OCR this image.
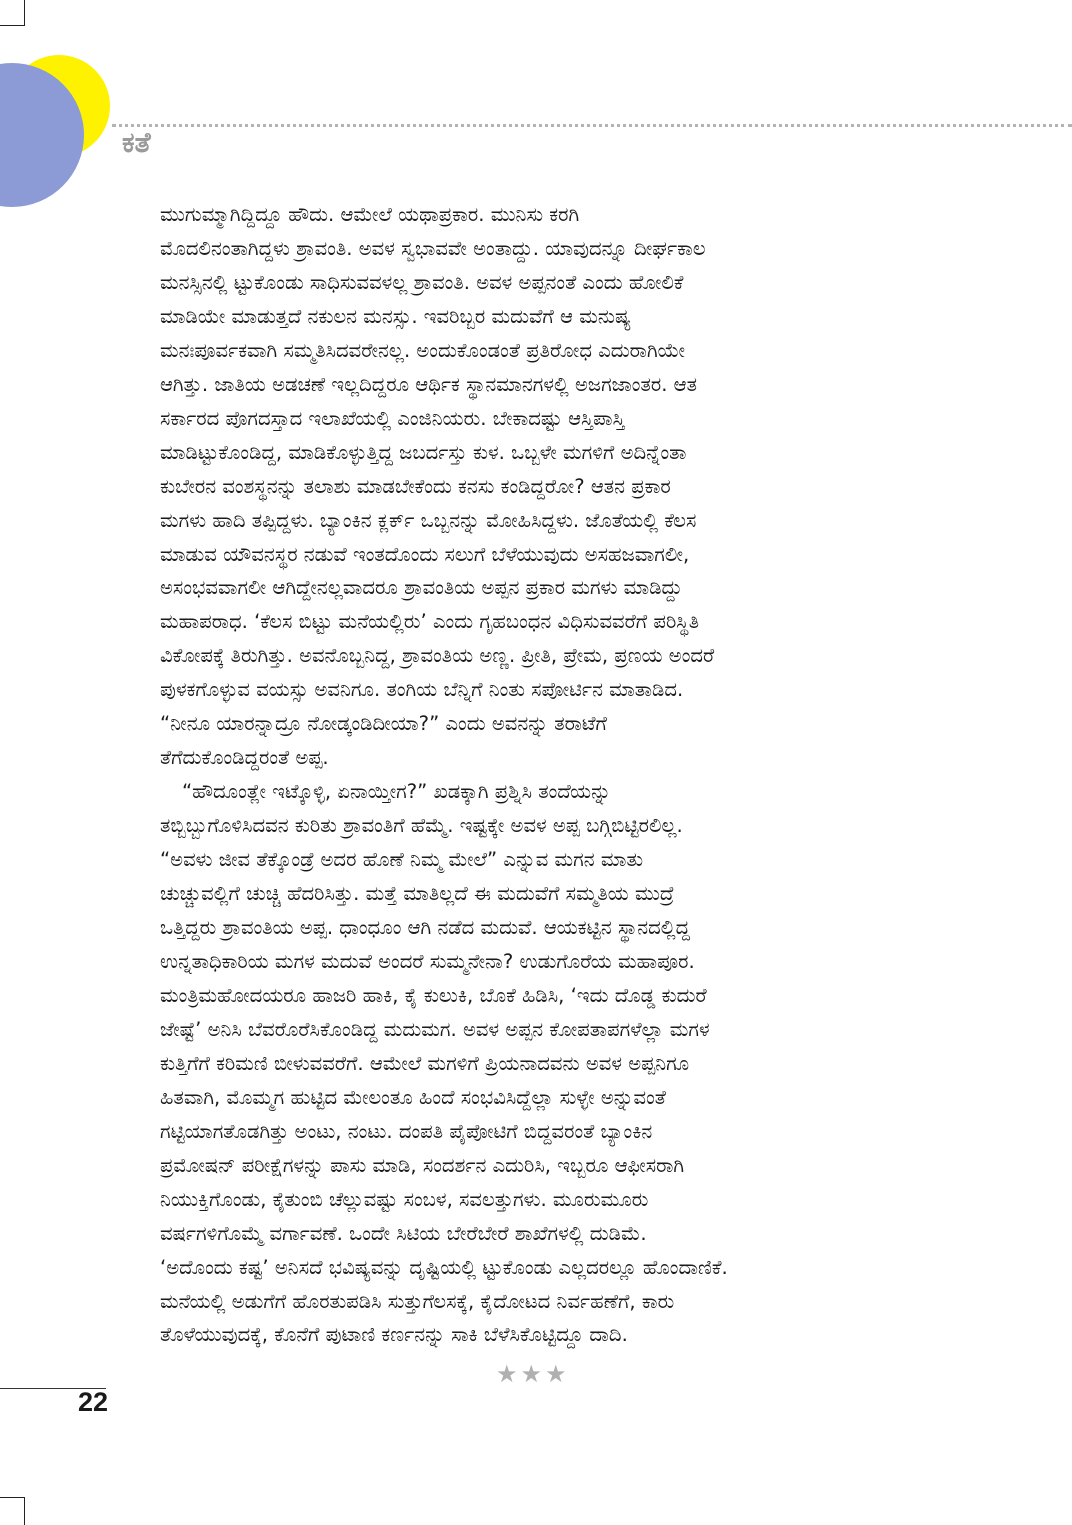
ಕತೆ

ಮುಗುಮ್ಮಾಗಿದ್ದಿದ್ದೂ ಹೌದು. ಆಮೇಲೆ ಯಥಾಪ್ರಕಾರ. ಮುನಿಸು ಕರಗಿ
ಮೊದಲಿನಂತಾಗಿದ್ದಳು ಶ್ರಾವಂತಿ. ಅವಳ ಸ್ವಭಾವವೇ ಅಂತಾದ್ದು. ಯಾವುದನ್ನೂ ದೀರ್ಘಕಾಲ
ಮನಸ್ಸಿನಲ್ಲಿ ಟ್ಟುಕೊಂಡು ಸಾಧಿಸುವವಳಲ್ಲ ಶ್ರಾವಂತಿ. ಅವಳ ಅಪ್ಪನಂತೆ ಎಂದು ಹೋಲಿಕೆ
ಮಾಡಿಯೇ ಮಾಡುತ್ತದೆ ನಕುಲನ ಮನಸ್ಸು. ಇವರಿಬ್ಬರ ಮದುವೆಗೆ ಆ ಮನುಷ್ಯ
ಮನಃಪೂರ್ವಕವಾಗಿ ಸಮ್ಮತಿಸಿದವರೇನಲ್ಲ. ಅಂದುಕೊಂಡಂತೆ ಪ್ರತಿರೋಧ ಎದುರಾಗಿಯೇ
ಆಗಿತ್ತು. ಜಾತಿಯ ಅಡಚಣೆ ಇಲ್ಲದಿದ್ದರೂ ಆರ್ಥಿಕ ಸ್ಥಾನಮಾನಗಳಲ್ಲಿ ಅಜಗಜಾಂತರ. ಆತ
ಸರ್ಕಾರದ ಪೊಗದಸ್ತಾದ ಇಲಾಖೆಯಲ್ಲಿ ಎಂಜಿನಿಯರು. ಬೇಕಾದಷ್ಟು ಆಸ್ತಿಪಾಸ್ತಿ
ಮಾಡಿಟ್ಟುಕೊಂಡಿದ್ದ, ಮಾಡಿಕೊಳ್ಳುತ್ತಿದ್ದ ಜಬರ್ದಸ್ತು ಕುಳ. ಒಬ್ಬಳೇ ಮಗಳಿಗೆ ಅದಿನ್ನೆಂತಾ
ಕುಬೇರನ ವಂಶಸ್ಥನನ್ನು ತಲಾಶು ಮಾಡಬೇಕೆಂದು ಕನಸು ಕಂಡಿದ್ದರೋ? ಆತನ ಪ್ರಕಾರ
ಮಗಳು ಹಾದಿ ತಪ್ಪಿದ್ದಳು. ಬ್ಯಾಂಕಿನ ಕ್ಲರ್ಕ್ ಒಬ್ಬನನ್ನು ಮೋಹಿಸಿದ್ದಳು. ಜೊತೆಯಲ್ಲಿ ಕೆಲಸ
ಮಾಡುವ ಯೌವನಸ್ಥರ ನಡುವೆ ಇಂತದೊಂದು ಸಲುಗೆ ಬೆಳೆಯುವುದು ಅಸಹಜವಾಗಲೀ,
ಅಸಂಭವವಾಗಲೀ ಆಗಿದ್ದೇನಲ್ಲವಾದರೂ ಶ್ರಾವಂತಿಯ ಅಪ್ಪನ ಪ್ರಕಾರ ಮಗಳು ಮಾಡಿದ್ದು
ಮಹಾಪರಾಧ. ‘ಕೆಲಸ ಬಿಟ್ಟು ಮನೆಯಲ್ಲಿರು’ ಎಂದು ಗೃಹಬಂಧನ ವಿಧಿಸುವವರೆಗೆ ಪರಿಸ್ಥಿತಿ
ವಿಕೋಪಕ್ಕೆ ತಿರುಗಿತ್ತು. ಅವನೊಬ್ಬನಿದ್ದ, ಶ್ರಾವಂತಿಯ ಅಣ್ಣ. ಪ್ರೀತಿ, ಪ್ರೇಮ, ಪ್ರಣಯ ಅಂದರೆ
ಪುಳಕಗೊಳ್ಳುವ ವಯಸ್ಸು ಅವನಿಗೂ. ತಂಗಿಯ ಬೆನ್ನಿಗೆ ನಿಂತು ಸಪೋರ್ಟಿನ ಮಾತಾಡಿದ.
“ನೀನೂ ಯಾರನ್ನಾದ್ರೂ ನೋಡ್ಕಂಡಿದೀಯಾ?” ಎಂದು ಅವನನ್ನು ತರಾಟೆಗೆ
ತೆಗೆದುಕೊಂಡಿದ್ದರಂತೆ ಅಪ್ಪ.

“ಹೌದೂಂತ್ಲೇ ಇಟ್ಕೊಳ್ಳಿ, ಏನಾಯ್ತೀಗ?” ಖಡಕ್ಕಾಗಿ ಪ್ರಶ್ನಿಸಿ ತಂದೆಯನ್ನು
ತಬ್ಬಿಬ್ಬುಗೊಳಿಸಿದವನ ಕುರಿತು ಶ್ರಾವಂತಿಗೆ ಹೆಮ್ಮೆ. ಇಷ್ಟಕ್ಕೇ ಅವಳ ಅಪ್ಪ ಬಗ್ಗಿಬಿಟ್ಟಿರಲಿಲ್ಲ.
“ಅವಳು ಜೀವ ತೆಕ್ಕೊಂಡ್ರೆ ಅದರ ಹೊಣೆ ನಿಮ್ಮ ಮೇಲೆ” ಎನ್ನುವ ಮಗನ ಮಾತು
ಚುಚ್ಚುವಲ್ಲಿಗೆ ಚುಚ್ಚಿ ಹೆದರಿಸಿತ್ತು. ಮತ್ತೆ ಮಾತಿಲ್ಲದೆ ಈ ಮದುವೆಗೆ ಸಮ್ಮತಿಯ ಮುದ್ರೆ
ಒತ್ತಿದ್ದರು ಶ್ರಾವಂತಿಯ ಅಪ್ಪ. ಧಾಂಧೂಂ ಆಗಿ ನಡೆದ ಮದುವೆ. ಆಯಕಟ್ಟಿನ ಸ್ಥಾನದಲ್ಲಿದ್ದ
ಉನ್ನತಾಧಿಕಾರಿಯ ಮಗಳ ಮದುವೆ ಅಂದರೆ ಸುಮ್ಮನೇನಾ? ಉಡುಗೊರೆಯ ಮಹಾಪೂರ.
ಮಂತ್ರಿಮಹೋದಯರೂ ಹಾಜರಿ ಹಾಕಿ, ಕೈ ಕುಲುಕಿ, ಬೊಕೆ ಹಿಡಿಸಿ, ‘ಇದು ದೊಡ್ಡ ಕುದುರೆ
ಜೇಷ್ಟೆ’ ಅನಿಸಿ ಬೆವರೊರೆಸಿಕೊಂಡಿದ್ದ ಮದುಮಗ. ಅವಳ ಅಪ್ಪನ ಕೋಪತಾಪಗಳೆಲ್ಲಾ ಮಗಳ
ಕುತ್ತಿಗೆಗೆ ಕರಿಮಣಿ ಬೀಳುವವರೆಗೆ. ಆಮೇಲೆ ಮಗಳಿಗೆ ಪ್ರಿಯನಾದವನು ಅವಳ ಅಪ್ಪನಿಗೂ
ಹಿತವಾಗಿ, ಮೊಮ್ಮಗ ಹುಟ್ಟಿದ ಮೇಲಂತೂ ಹಿಂದೆ ಸಂಭವಿಸಿದ್ದೆಲ್ಲಾ ಸುಳ್ಳೇ ಅನ್ನುವಂತೆ
ಗಟ್ಟಿಯಾಗತೊಡಗಿತ್ತು ಅಂಟು, ನಂಟು. ದಂಪತಿ ಪೈಪೋಟಿಗೆ ಬಿದ್ದವರಂತೆ ಬ್ಯಾಂಕಿನ
ಪ್ರಮೋಷನ್ ಪರೀಕ್ಷೆಗಳನ್ನು ಪಾಸು ಮಾಡಿ, ಸಂದರ್ಶನ ಎದುರಿಸಿ, ಇಬ್ಬರೂ ಆಫೀಸರಾಗಿ
ನಿಯುಕ್ತಿಗೊಂಡು, ಕೈತುಂಬಿ ಚೆಲ್ಲುವಷ್ಟು ಸಂಬಳ, ಸವಲತ್ತುಗಳು. ಮೂರುಮೂರು
ವರ್ಷಗಳಿಗೊಮ್ಮೆ ವರ್ಗಾವಣೆ. ಒಂದೇ ಸಿಟಿಯ ಬೇರೆಬೇರೆ ಶಾಖೆಗಳಲ್ಲಿ ದುಡಿಮೆ.
‘ಅದೊಂದು ಕಷ್ಟ’ ಅನಿಸದೆ ಭವಿಷ್ಯವನ್ನು ದೃಷ್ಟಿಯಲ್ಲಿ ಟ್ಟುಕೊಂಡು ಎಲ್ಲದರಲ್ಲೂ ಹೊಂದಾಣಿಕೆ.
ಮನೆಯಲ್ಲಿ ಅಡುಗೆಗೆ ಹೊರತುಪಡಿಸಿ ಸುತ್ತುಗೆಲಸಕ್ಕೆ, ಕೈದೋಟದ ನಿರ್ವಹಣೆಗೆ, ಕಾರು
ತೊಳೆಯುವುದಕ್ಕೆ, ಕೊನೆಗೆ ಪುಟಾಣಿ ಕರ್ಣನನ್ನು ಸಾಕಿ ಬೆಳೆಸಿಕೊಟ್ಟಿದ್ದೂ ದಾದಿ.

★★★
22
